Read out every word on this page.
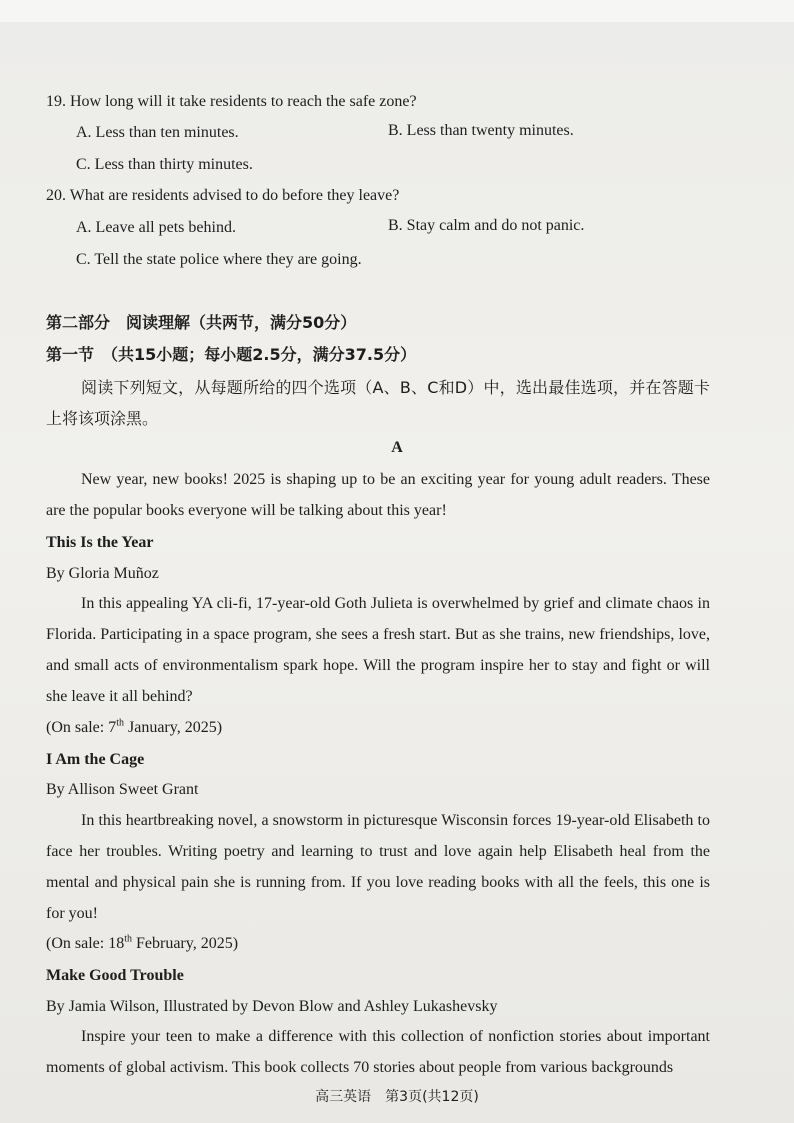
19. How long will it take residents to reach the safe zone?
A. Less than ten minutes.	B. Less than twenty minutes.
C. Less than thirty minutes.
20. What are residents advised to do before they leave?
A. Leave all pets behind.	B. Stay calm and do not panic.
C. Tell the state police where they are going.
第二部分　阅读理解（共两节，满分50分）
第一节　（共15小题；每小题2.5分，满分37.5分）
阅读下列短文，从每题所给的四个选项（A、B、C和D）中，选出最佳选项，并在答题卡上将该项涂黑。
A
New year, new books! 2025 is shaping up to be an exciting year for young adult readers. These are the popular books everyone will be talking about this year!
This Is the Year
By Gloria Muñoz
In this appealing YA cli-fi, 17-year-old Goth Julieta is overwhelmed by grief and climate chaos in Florida. Participating in a space program, she sees a fresh start. But as she trains, new friendships, love, and small acts of environmentalism spark hope. Will the program inspire her to stay and fight or will she leave it all behind?
(On sale: 7th January, 2025)
I Am the Cage
By Allison Sweet Grant
In this heartbreaking novel, a snowstorm in picturesque Wisconsin forces 19-year-old Elisabeth to face her troubles. Writing poetry and learning to trust and love again help Elisabeth heal from the mental and physical pain she is running from. If you love reading books with all the feels, this one is for you!
(On sale: 18th February, 2025)
Make Good Trouble
By Jamia Wilson, Illustrated by Devon Blow and Ashley Lukashevsky
Inspire your teen to make a difference with this collection of nonfiction stories about important moments of global activism. This book collects 70 stories about people from various backgrounds
高三英语　第3页(共12页)
